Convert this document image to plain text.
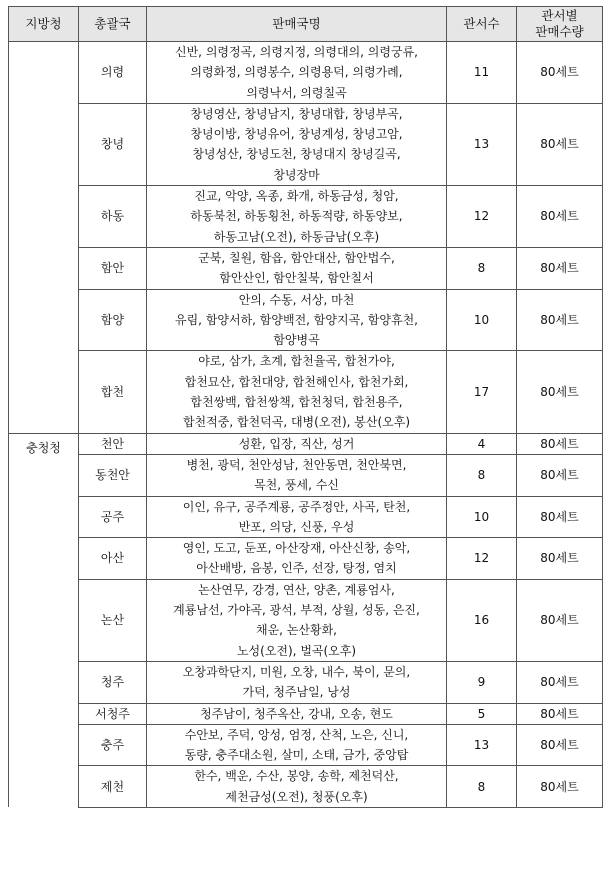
지방청	총괄국	판매국명	관서수	관서별
판매수량

	의령	신반, 의령정곡, 의령지정, 의령대의, 의령궁류,
의령화정, 의령봉수, 의령용덕, 의령가례,
의령낙서, 의령칠곡	11	80세트
	창녕	창녕영산, 창녕남지, 창녕대합, 창녕부곡,
창녕이방, 창녕유어, 창녕계성, 창녕고암,
창녕성산, 창녕도천, 창녕대지 창녕길곡,
창녕장마	13	80세트
	하동	진교, 악양, 옥종, 화개, 하동금성, 청암,
하동북천, 하동횡천, 하동적량, 하동양보,
하동고남(오전), 하동금남(오후)	12	80세트
	함안	군북, 칠원, 함읍, 함안대산, 함안법수,
함안산인, 함안칠북, 함안칠서	8	80세트
	함양	안의, 수동, 서상, 마천
유림, 함양서하, 함양백전, 함양지곡, 함양휴천,
함양병곡	10	80세트
	합천	야로, 삼가, 초계, 합천율곡, 합천가야,
합천묘산, 합천대양, 합천해인사, 합천가회,
합천쌍백, 합천쌍책, 합천청덕, 합천용주,
합천적중, 합천덕곡, 대병(오전), 봉산(오후)	17	80세트
충청청	천안	성환, 입장, 직산, 성거	4	80세트
	동천안	병천, 광덕, 천안성남, 천안동면, 천안북면,
목천, 풍세, 수신	8	80세트
	공주	이인, 유구, 공주계룡, 공주정안, 사곡, 탄천,
반포, 의당, 신풍, 우성	10	80세트
	아산	영인, 도고, 둔포, 아산장재, 아산신창, 송악,
아산배방, 음봉, 인주, 선장, 탕정, 염치	12	80세트
	논산	논산연무, 강경, 연산, 양촌, 계룡엄사,
계룡남선, 가야곡, 광석, 부적, 상월, 성동, 은진,
채운, 논산황화,
노성(오전), 벌곡(오후)	16	80세트
	청주	오창과학단지, 미원, 오창, 내수, 북이, 문의,
가덕, 청주남일, 낭성	9	80세트
	서청주	청주남이, 청주옥산, 강내, 오송, 현도	5	80세트
	충주	수안보, 주덕, 앙성, 엄정, 산척, 노은, 신니,
동량, 충주대소원, 살미, 소태, 금가, 중앙탑	13	80세트
	제천	한수, 백운, 수산, 봉양, 송학, 제천덕산,
제천금성(오전), 청풍(오후)	8	80세트
